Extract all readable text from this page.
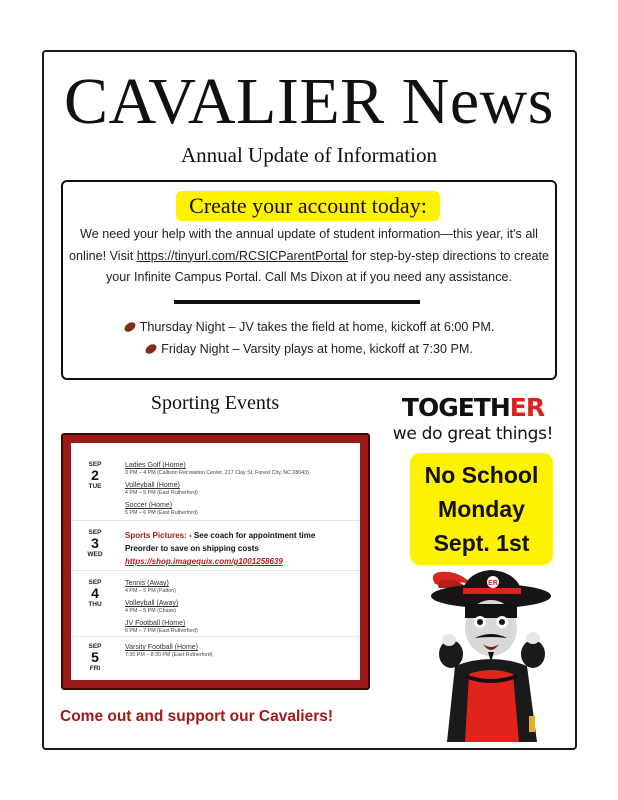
CAVALIER News
Annual Update of Information
Create your account today:
We need your help with the annual update of student information—this year, it's all online! Visit https://tinyurl.com/RCSICParentPortal for step-by-step directions to create your Infinite Campus Portal. Call Ms Dixon at if you need any assistance.
Thursday Night – JV takes the field at home, kickoff at 6:00 PM.
Friday Night – Varsity plays at home, kickoff at 7:30 PM.
Sporting Events
SEP
2
TUE
Ladies Golf (Home)
3 PM – 4 PM (Callison Recreation Center, 217 Clay St, Forest City, NC 28043)
Volleyball (Home)
4 PM – 5 PM (East Rutherford)
Soccer (Home)
5 PM – 6 PM (East Rutherford)
SEP
3
WED
Sports Pictures: - See coach for appointment time
Preorder to save on shipping costs
https://shop.imagequix.com/g1001258639
SEP
4
THU
Tennis (Away)
4 PM – 5 PM (Patton)
Volleyball (Away)
4 PM – 5 PM (Chase)
JV Football (Home)
6 PM – 7 PM (East Rutherford)
SEP
5
FRI
Varsity Football (Home)
7:30 PM – 8:30 PM (East Rutherford)
Come out and support our Cavaliers!
TOGETHER
we do great things!
No School
Monday
Sept. 1st
ER
